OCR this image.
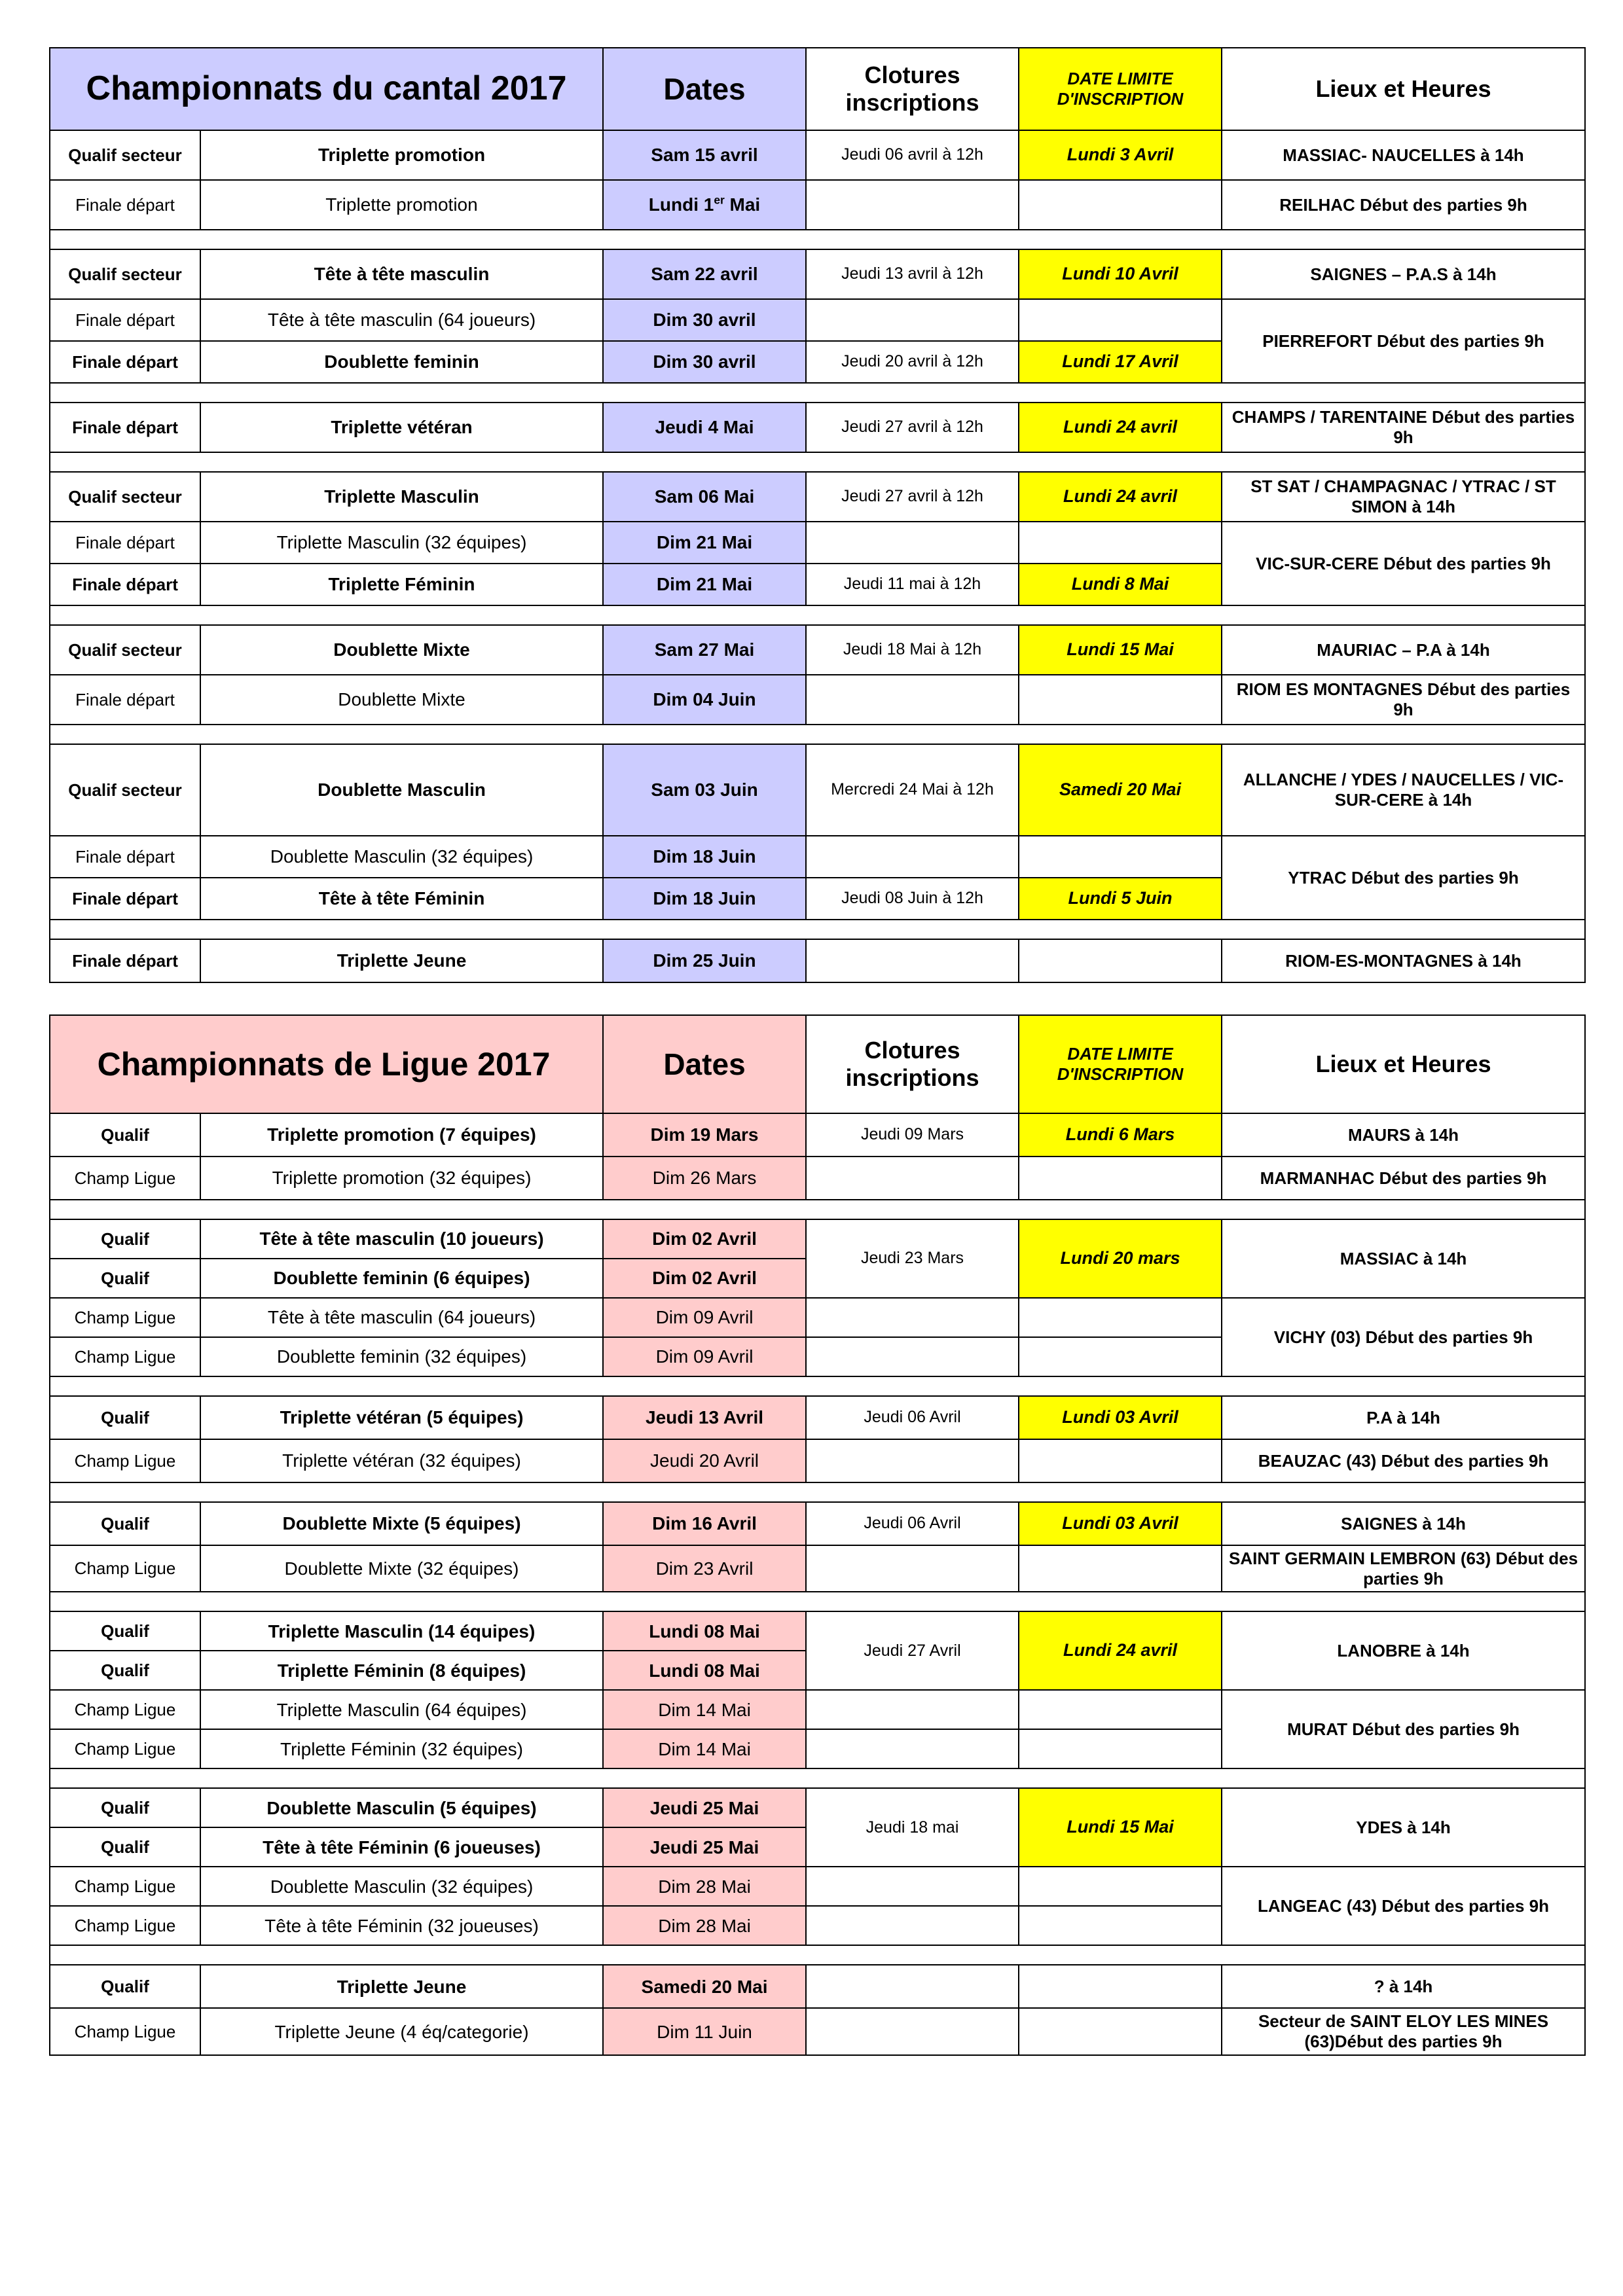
Championnats du cantal 2017		Dates	Clotures inscriptions	DATE LIMITE D'INSCRIPTION	Lieux et Heures
Qualif secteur	Triplette promotion	Sam 15 avril	Jeudi 06 avril à 12h	Lundi 3 Avril	MASSIAC- NAUCELLES à 14h
Finale départ	Triplette promotion	Lundi 1er Mai			REILHAC Début des parties 9h

Qualif secteur	Tête à tête masculin	Sam 22 avril	Jeudi 13 avril à 12h	Lundi 10 Avril	SAIGNES – P.A.S à 14h
Finale départ	Tête à tête masculin (64 joueurs)	Dim 30 avril			PIERREFORT Début des parties 9h
Finale départ	Doublette feminin	Dim 30 avril	Jeudi 20 avril à 12h	Lundi 17 Avril	

Finale départ	Triplette vétéran	Jeudi 4 Mai	Jeudi 27 avril à 12h	Lundi 24 avril	CHAMPS / TARENTAINE Début des parties 9h

Qualif secteur	Triplette Masculin	Sam 06 Mai	Jeudi 27 avril à 12h	Lundi 24 avril	ST SAT / CHAMPAGNAC / YTRAC / ST SIMON à 14h
Finale départ	Triplette Masculin (32 équipes)	Dim 21 Mai			VIC-SUR-CERE Début des parties 9h
Finale départ	Triplette Féminin	Dim 21 Mai	Jeudi 11 mai à 12h	Lundi 8 Mai	

Qualif secteur	Doublette Mixte	Sam 27 Mai	Jeudi 18 Mai à 12h	Lundi 15 Mai	MAURIAC – P.A à 14h
Finale départ	Doublette Mixte	Dim 04 Juin			RIOM ES MONTAGNES Début des parties 9h

Qualif secteur	Doublette Masculin	Sam 03 Juin	Mercredi 24 Mai à 12h	Samedi 20 Mai	ALLANCHE / YDES / NAUCELLES / VIC-SUR-CERE à 14h
Finale départ	Doublette Masculin (32 équipes)	Dim 18 Juin			YTRAC Début des parties 9h
Finale départ	Tête à tête Féminin	Dim 18 Juin	Jeudi 08 Juin à 12h	Lundi 5 Juin	

Finale départ	Triplette Jeune	Dim 25 Juin			RIOM-ES-MONTAGNES à 14h
Championnats de Ligue 2017		Dates	Clotures inscriptions	DATE LIMITE D'INSCRIPTION	Lieux et Heures
Qualif	Triplette promotion (7 équipes)	Dim 19 Mars	Jeudi 09 Mars	Lundi 6 Mars	MAURS à 14h
Champ Ligue	Triplette promotion (32 équipes)	Dim 26 Mars			MARMANHAC Début des parties 9h

Qualif	Tête à tête masculin (10 joueurs)	Dim 02 Avril	Jeudi 23 Mars	Lundi 20 mars	MASSIAC à 14h
Qualif	Doublette feminin (6 équipes)	Dim 02 Avril			
Champ Ligue	Tête à tête masculin (64 joueurs)	Dim 09 Avril			VICHY (03) Début des parties 9h
Champ Ligue	Doublette feminin (32 équipes)	Dim 09 Avril			

Qualif	Triplette vétéran (5 équipes)	Jeudi 13 Avril	Jeudi 06 Avril	Lundi 03 Avril	P.A à 14h
Champ Ligue	Triplette vétéran (32 équipes)	Jeudi 20 Avril			BEAUZAC (43) Début des parties 9h

Qualif	Doublette Mixte (5 équipes)	Dim 16 Avril	Jeudi 06 Avril	Lundi 03 Avril	SAIGNES à 14h
Champ Ligue	Doublette Mixte (32 équipes)	Dim 23 Avril			SAINT GERMAIN LEMBRON (63) Début des parties 9h

Qualif	Triplette Masculin (14 équipes)	Lundi 08 Mai	Jeudi 27 Avril	Lundi 24 avril	LANOBRE à 14h
Qualif	Triplette Féminin (8 équipes)	Lundi 08 Mai			
Champ Ligue	Triplette Masculin (64 équipes)	Dim 14 Mai			MURAT Début des parties 9h
Champ Ligue	Triplette Féminin (32 équipes)	Dim 14 Mai			

Qualif	Doublette Masculin (5 équipes)	Jeudi 25 Mai	Jeudi 18 mai	Lundi 15 Mai	YDES à 14h
Qualif	Tête à tête Féminin (6 joueuses)	Jeudi 25 Mai			
Champ Ligue	Doublette Masculin (32 équipes)	Dim 28 Mai			LANGEAC (43) Début des parties 9h
Champ Ligue	Tête à tête Féminin (32 joueuses)	Dim 28 Mai			

Qualif	Triplette Jeune	Samedi 20 Mai			? à 14h
Champ Ligue	Triplette Jeune (4 éq/categorie)	Dim 11 Juin			Secteur de SAINT ELOY LES MINES (63)Début des parties 9h
